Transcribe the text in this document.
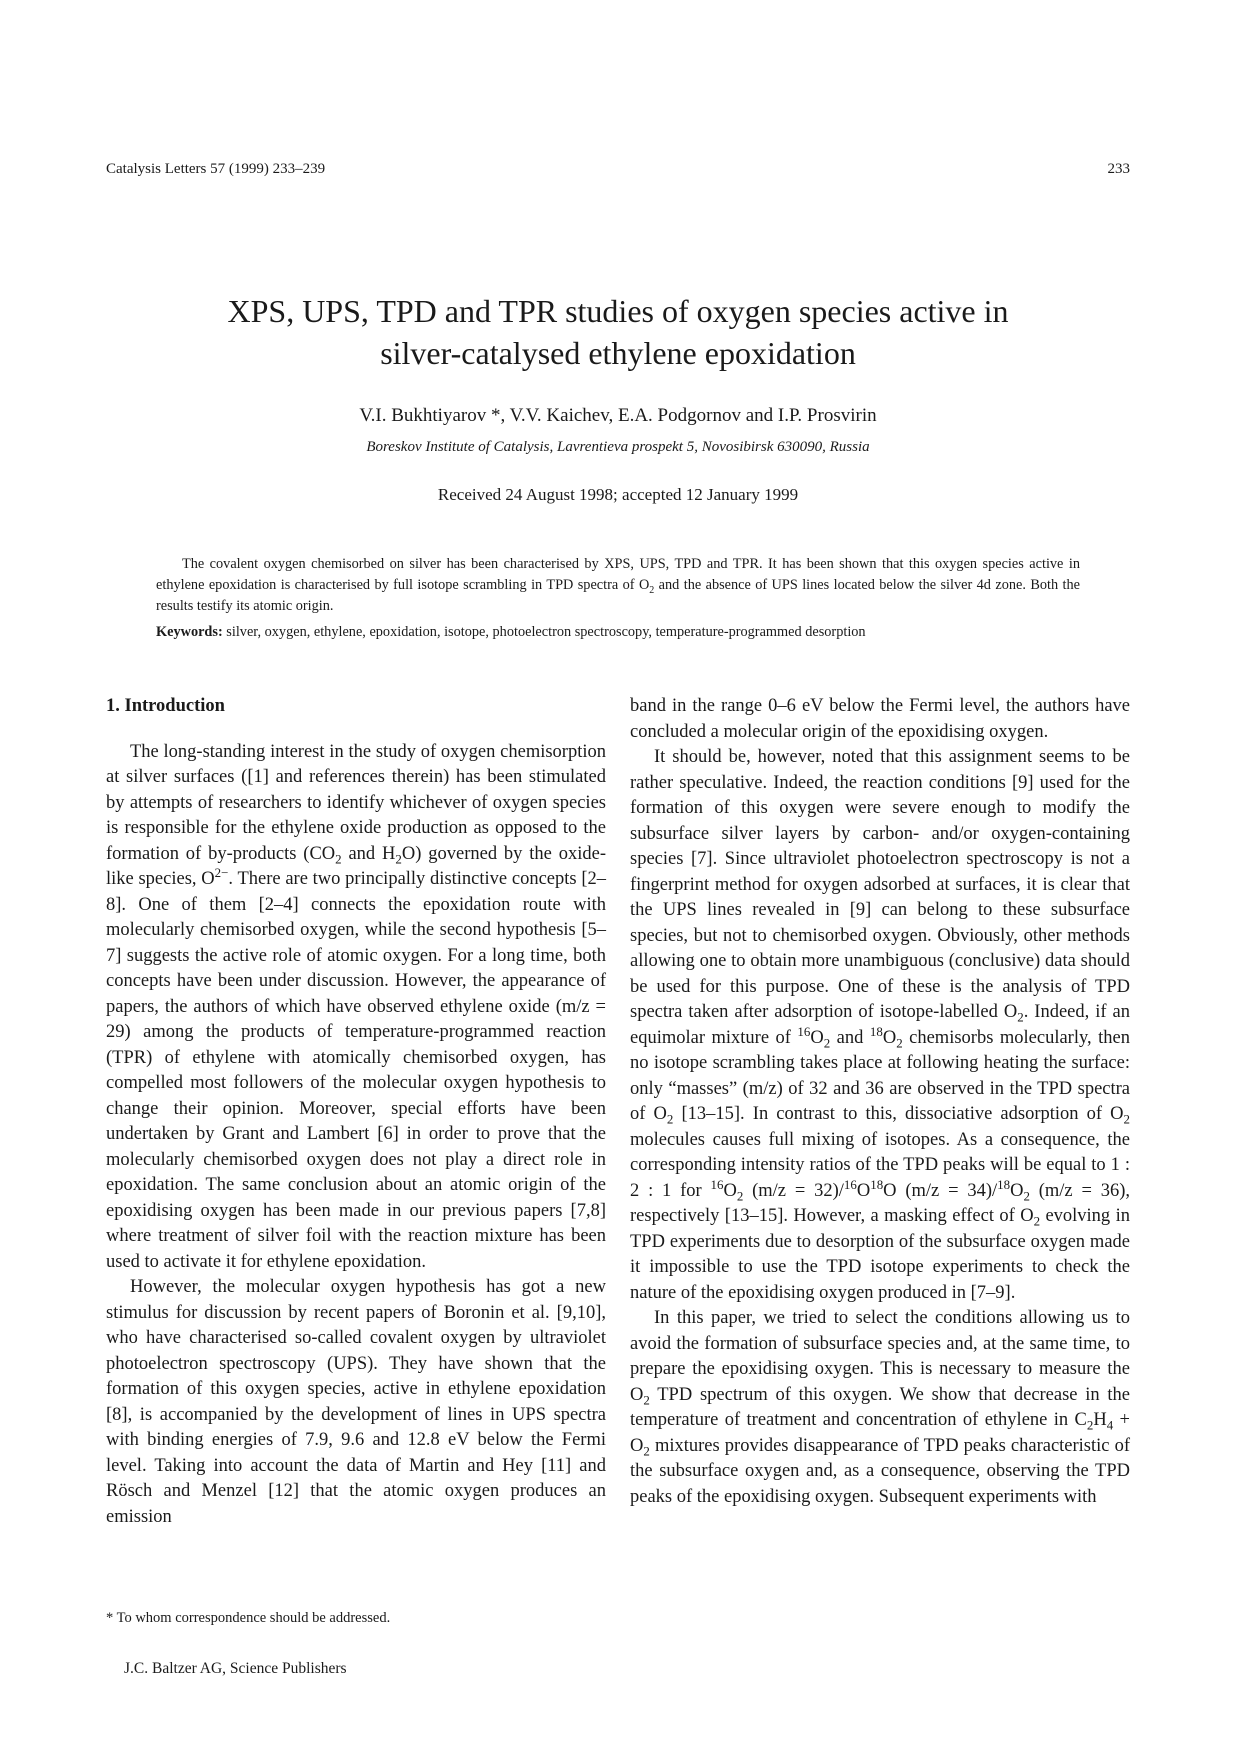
Catalysis Letters 57 (1999) 233–239	233
XPS, UPS, TPD and TPR studies of oxygen species active in
silver-catalysed ethylene epoxidation
V.I. Bukhtiyarov *, V.V. Kaichev, E.A. Podgornov and I.P. Prosvirin
Boreskov Institute of Catalysis, Lavrentieva prospekt 5, Novosibirsk 630090, Russia
Received 24 August 1998; accepted 12 January 1999

The covalent oxygen chemisorbed on silver has been characterised by XPS, UPS, TPD and TPR. It has been shown that this oxygen species active in ethylene epoxidation is characterised by full isotope scrambling in TPD spectra of $O_2$ and the absence of UPS lines located below the silver 4d zone. Both the results testify its atomic origin.

Keywords: silver, oxygen, ethylene, epoxidation, isotope, photoelectron spectroscopy, temperature-programmed desorption
1. Introduction

The long-standing interest in the study of oxygen chemisorption at silver surfaces ([1] and references therein) has been stimulated by attempts of researchers to identify whichever of oxygen species is responsible for the ethylene oxide production as opposed to the formation of by-products ($CO_2$ and $H_2O$) governed by the oxide-like species, $O^{2-}$. There are two principally distinctive concepts [2–8]. One of them [2–4] connects the epoxidation route with molecularly chemisorbed oxygen, while the second hypothesis [5–7] suggests the active role of atomic oxygen. For a long time, both concepts have been under discussion. However, the appearance of papers, the authors of which have observed ethylene oxide (m/z = 29) among the products of temperature-programmed reaction (TPR) of ethylene with atomically chemisorbed oxygen, has compelled most followers of the molecular oxygen hypothesis to change their opinion. Moreover, special efforts have been undertaken by Grant and Lambert [6] in order to prove that the molecularly chemisorbed oxygen does not play a direct role in epoxidation. The same conclusion about an atomic origin of the epoxidising oxygen has been made in our previous papers [7,8] where treatment of silver foil with the reaction mixture has been used to activate it for ethylene epoxidation.

However, the molecular oxygen hypothesis has got a new stimulus for discussion by recent papers of Boronin et al. [9,10], who have characterised so-called covalent oxygen by ultraviolet photoelectron spectroscopy (UPS). They have shown that the formation of this oxygen species, active in ethylene epoxidation [8], is accompanied by the development of lines in UPS spectra with binding energies of 7.9, 9.6 and 12.8 eV below the Fermi level. Taking into account the data of Martin and Hey [11] and Rösch and Menzel [12] that the atomic oxygen produces an emission

band in the range 0–6 eV below the Fermi level, the authors have concluded a molecular origin of the epoxidising oxygen.

It should be, however, noted that this assignment seems to be rather speculative. Indeed, the reaction conditions [9] used for the formation of this oxygen were severe enough to modify the subsurface silver layers by carbon- and/or oxygen-containing species [7]. Since ultraviolet photoelectron spectroscopy is not a fingerprint method for oxygen adsorbed at surfaces, it is clear that the UPS lines revealed in [9] can belong to these subsurface species, but not to chemisorbed oxygen. Obviously, other methods allowing one to obtain more unambiguous (conclusive) data should be used for this purpose. One of these is the analysis of TPD spectra taken after adsorption of isotope-labelled $O_2$. Indeed, if an equimolar mixture of $^{16}O_2$ and $^{18}O_2$ chemisorbs molecularly, then no isotope scrambling takes place at following heating the surface: only “masses” (m/z) of 32 and 36 are observed in the TPD spectra of $O_2$ [13–15]. In contrast to this, dissociative adsorption of $O_2$ molecules causes full mixing of isotopes. As a consequence, the corresponding intensity ratios of the TPD peaks will be equal to 1 : 2 : 1 for $^{16}O_2$ $(m/z = 32)/^{16}O^{18}O$ $(m/z = 34)/^{18}O_2$ (m/z = 36), respectively [13–15]. However, a masking effect of $O_2$ evolving in TPD experiments due to desorption of the subsurface oxygen made it impossible to use the TPD isotope experiments to check the nature of the epoxidising oxygen produced in [7–9].

In this paper, we tried to select the conditions allowing us to avoid the formation of subsurface species and, at the same time, to prepare the epoxidising oxygen. This is necessary to measure the $O_2$ TPD spectrum of this oxygen. We show that decrease in the temperature of treatment and concentration of ethylene in $C_2H_4 + O_2$ mixtures provides disappearance of TPD peaks characteristic of the subsurface oxygen and, as a consequence, observing the TPD peaks of the epoxidising oxygen. Subsequent experiments with

* To whom correspondence should be addressed.
J.C. Baltzer AG, Science Publishers
